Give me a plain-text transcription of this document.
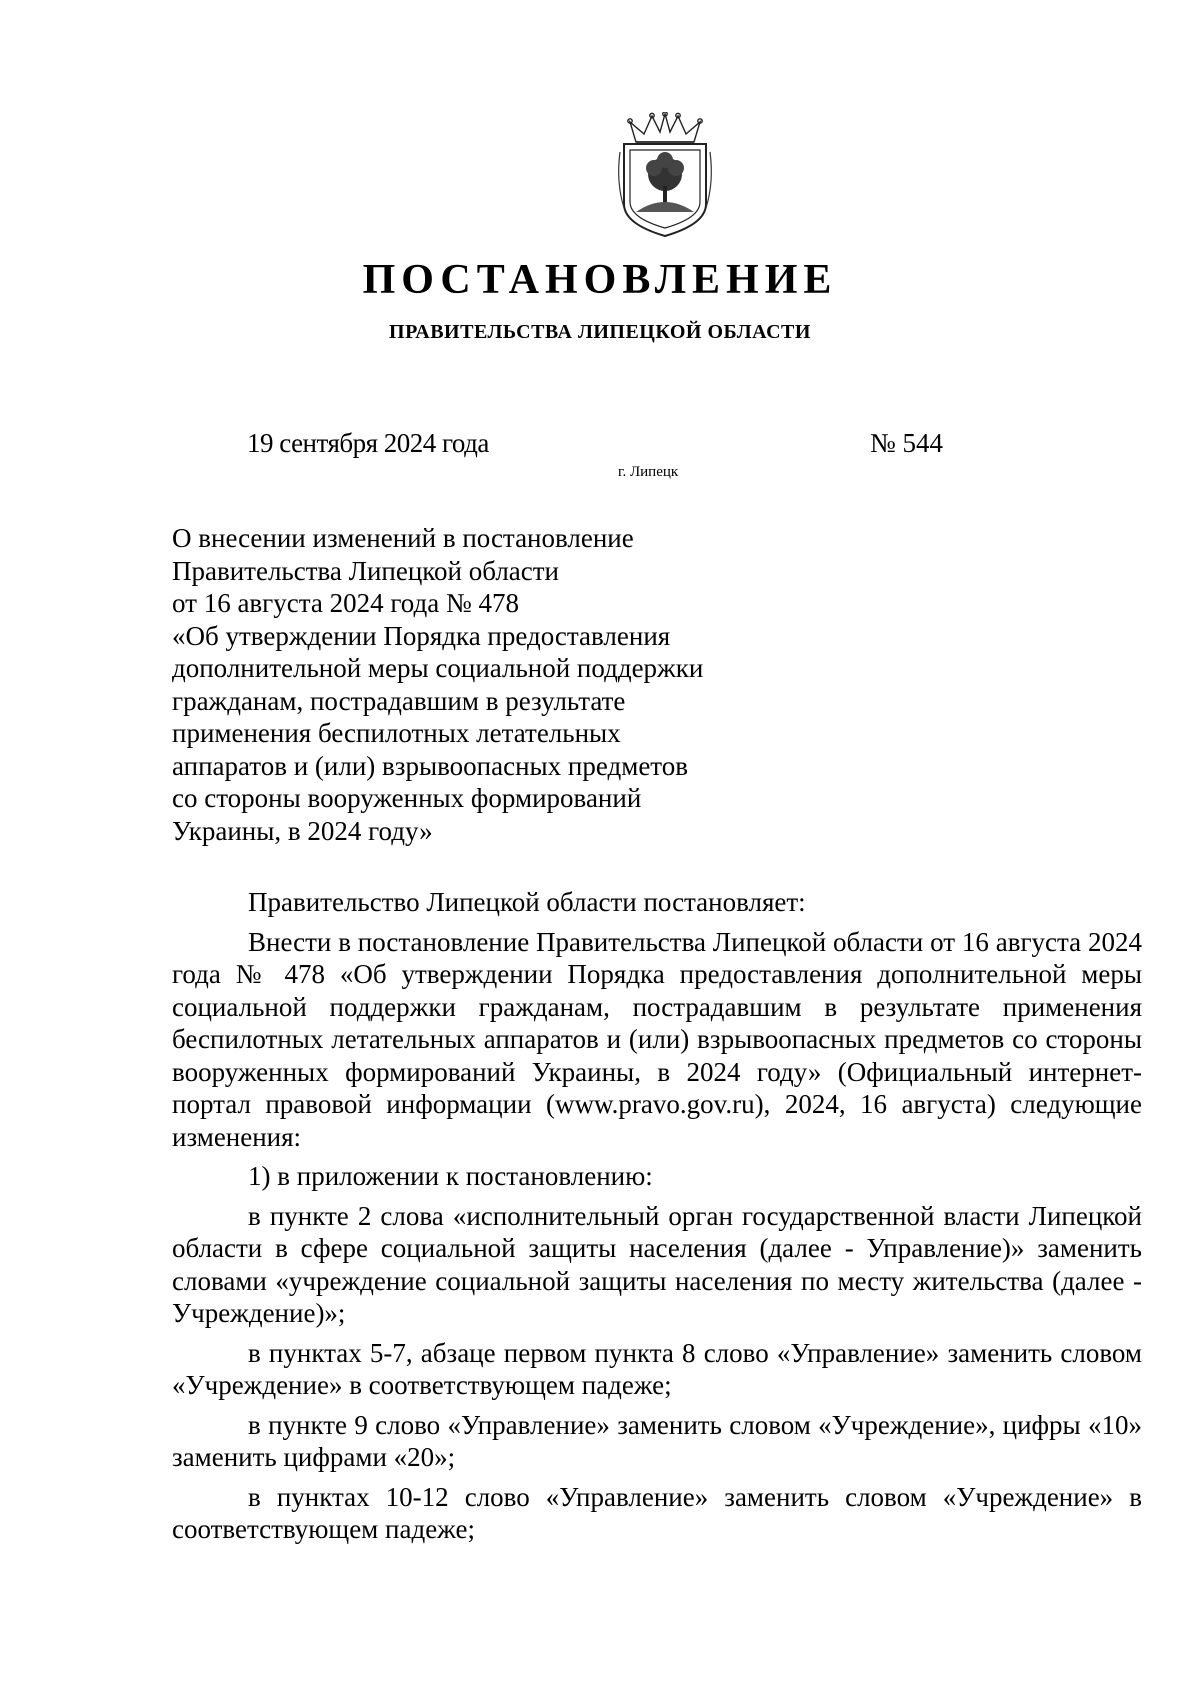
ПОСТАНОВЛЕНИЕ
ПРАВИТЕЛЬСТВА ЛИПЕЦКОЙ ОБЛАСТИ
19 сентября 2024 года	№ 544
г. Липецк
О внесении изменений в постановление
Правительства Липецкой области
от 16 августа 2024 года № 478
«Об утверждении Порядка предоставления
дополнительной меры социальной поддержки
гражданам, пострадавшим в результате
применения беспилотных летательных
аппаратов и (или) взрывоопасных предметов
со стороны вооруженных формирований
Украины, в 2024 году»

Правительство Липецкой области постановляет:

Внести в постановление Правительства Липецкой области от 16 августа 2024 года № 478 «Об утверждении Порядка предоставления дополнительной меры социальной поддержки гражданам, пострадавшим в результате применения беспилотных летательных аппаратов и (или) взрывоопасных предметов со стороны вооруженных формирований Украины, в 2024 году» (Официальный интернет-портал правовой информации (www.pravo.gov.ru), 2024, 16 августа) следующие изменения:

1) в приложении к постановлению:

в пункте 2 слова «исполнительный орган государственной власти Липецкой области в сфере социальной защиты населения (далее - Управление)» заменить словами «учреждение социальной защиты населения по месту жительства (далее - Учреждение)»;

в пунктах 5-7, абзаце первом пункта 8 слово «Управление» заменить словом «Учреждение» в соответствующем падеже;

в пункте 9 слово «Управление» заменить словом «Учреждение», цифры «10» заменить цифрами «20»;

в пунктах 10-12 слово «Управление» заменить словом «Учреждение» в соответствующем падеже;
